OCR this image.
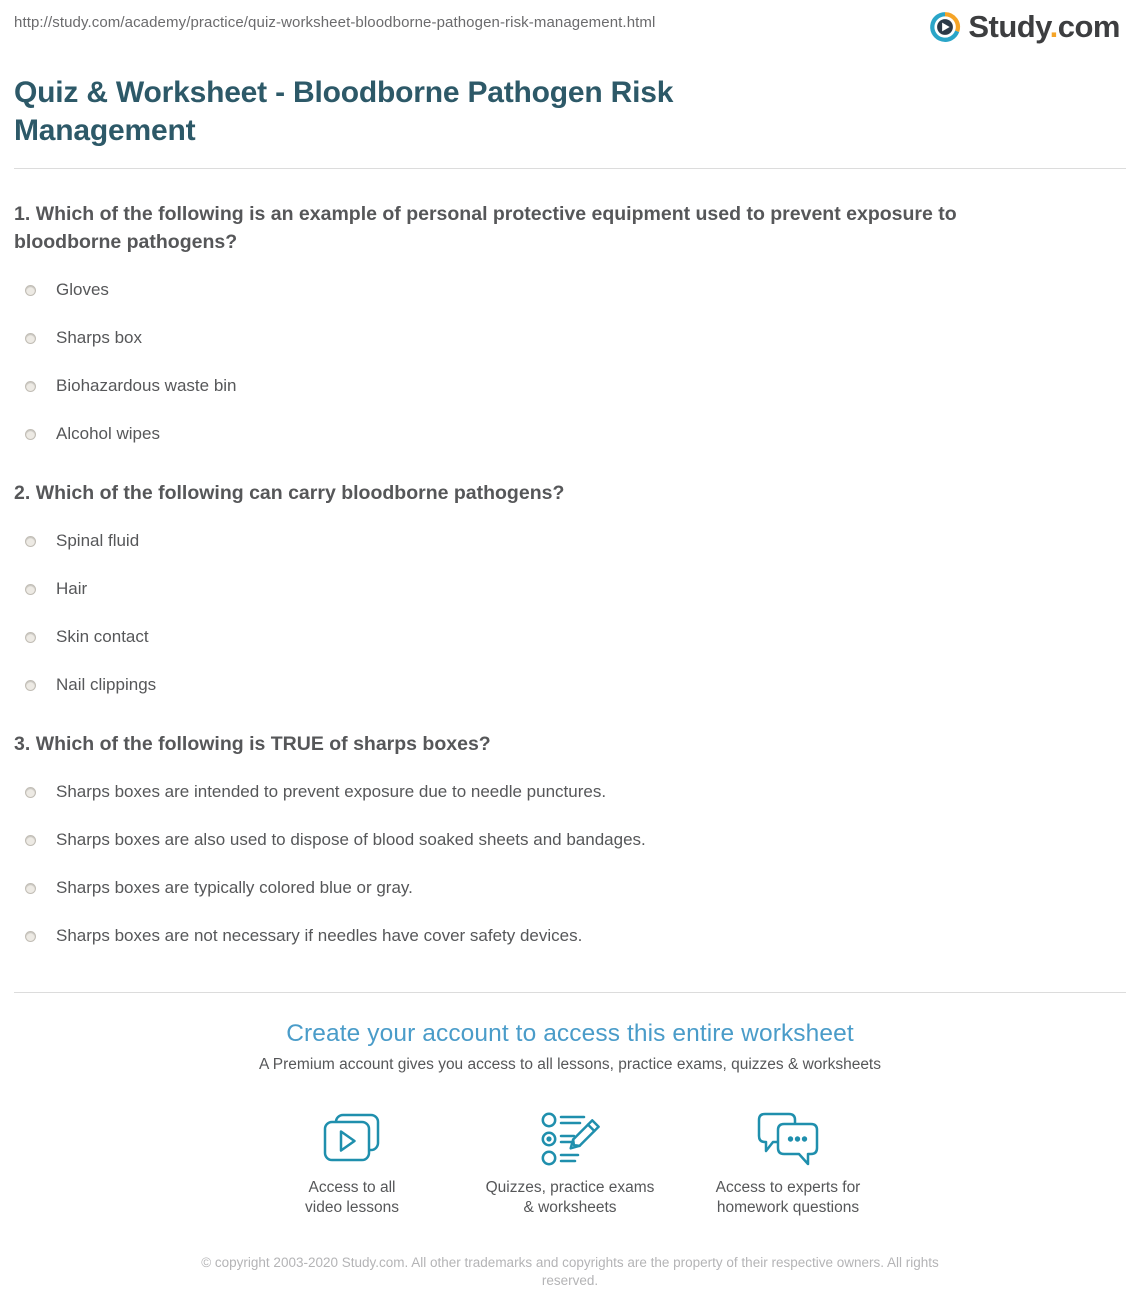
http://study.com/academy/practice/quiz-worksheet-bloodborne-pathogen-risk-management.html	Study.com
Quiz & Worksheet - Bloodborne Pathogen Risk Management
1. Which of the following is an example of personal protective equipment used to prevent exposure to bloodborne pathogens?
Gloves
Sharps box
Biohazardous waste bin
Alcohol wipes
2. Which of the following can carry bloodborne pathogens?
Spinal fluid
Hair
Skin contact
Nail clippings
3. Which of the following is TRUE of sharps boxes?
Sharps boxes are intended to prevent exposure due to needle punctures.
Sharps boxes are also used to dispose of blood soaked sheets and bandages.
Sharps boxes are typically colored blue or gray.
Sharps boxes are not necessary if needles have cover safety devices.
Create your account to access this entire worksheet
A Premium account gives you access to all lessons, practice exams, quizzes & worksheets
Access to all
video lessons
Quizzes, practice exams
& worksheets
Access to experts for
homework questions
© copyright 2003-2020 Study.com. All other trademarks and copyrights are the property of their respective owners. All rights reserved.
